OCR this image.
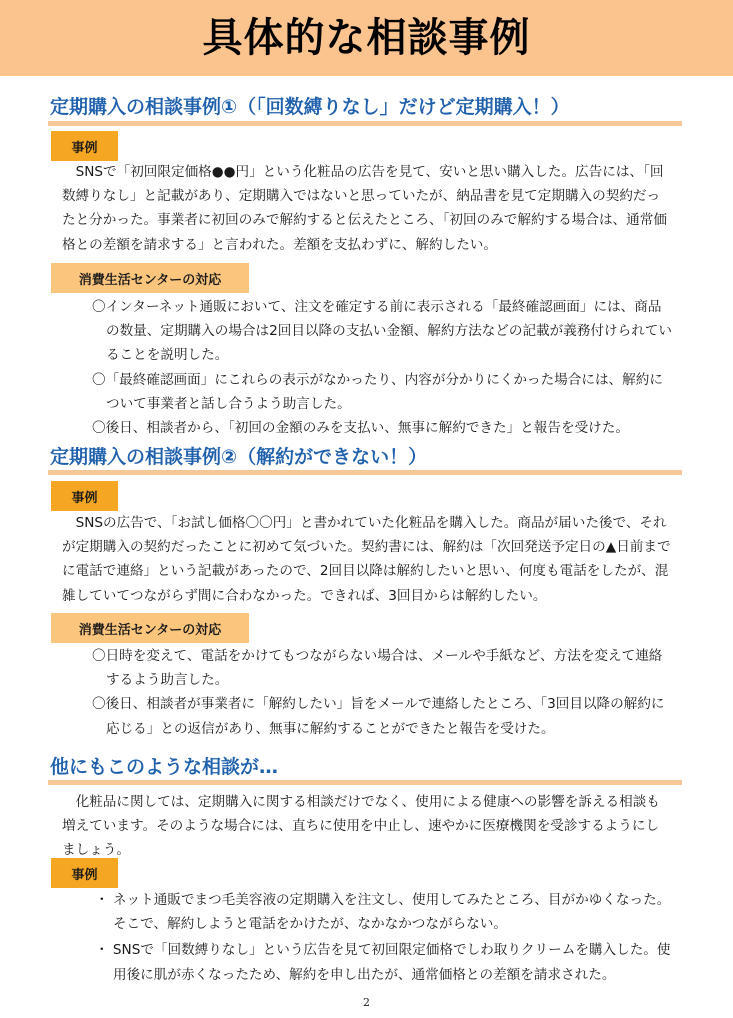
具体的な相談事例
定期購入の相談事例①（「回数縛りなし」だけど定期購入！）
事例
SNSで「初回限定価格●●円」という化粧品の広告を見て、安いと思い購入した。広告には、「回数縛りなし」と記載があり、定期購入ではないと思っていたが、納品書を見て定期購入の契約だったと分かった。事業者に初回のみで解約すると伝えたところ、「初回のみで解約する場合は、通常価格との差額を請求する」と言われた。差額を支払わずに、解約したい。
消費生活センターの対応
〇インターネット通販において、注文を確定する前に表示される「最終確認画面」には、商品の数量、定期購入の場合は2回目以降の支払い金額、解約方法などの記載が義務付けられていることを説明した。
〇「最終確認画面」にこれらの表示がなかったり、内容が分かりにくかった場合には、解約について事業者と話し合うよう助言した。
〇後日、相談者から、「初回の金額のみを支払い、無事に解約できた」と報告を受けた。
定期購入の相談事例②（解約ができない！）
事例
SNSの広告で、「お試し価格〇〇円」と書かれていた化粧品を購入した。商品が届いた後で、それが定期購入の契約だったことに初めて気づいた。契約書には、解約は「次回発送予定日の▲日前までに電話で連絡」という記載があったので、2回目以降は解約したいと思い、何度も電話をしたが、混雑していてつながらず間に合わなかった。できれば、3回目からは解約したい。
消費生活センターの対応
〇日時を変えて、電話をかけてもつながらない場合は、メールや手紙など、方法を変えて連絡するよう助言した。
〇後日、相談者が事業者に「解約したい」旨をメールで連絡したところ、「3回目以降の解約に応じる」との返信があり、無事に解約することができたと報告を受けた。
他にもこのような相談が…
化粧品に関しては、定期購入に関する相談だけでなく、使用による健康への影響を訴える相談も増えています。そのような場合には、直ちに使用を中止し、速やかに医療機関を受診するようにしましょう。
事例
・ ネット通販でまつ毛美容液の定期購入を注文し、使用してみたところ、目がかゆくなった。そこで、解約しようと電話をかけたが、なかなかつながらない。
・ SNSで「回数縛りなし」という広告を見て初回限定価格でしわ取りクリームを購入した。使用後に肌が赤くなったため、解約を申し出たが、通常価格との差額を請求された。
2
